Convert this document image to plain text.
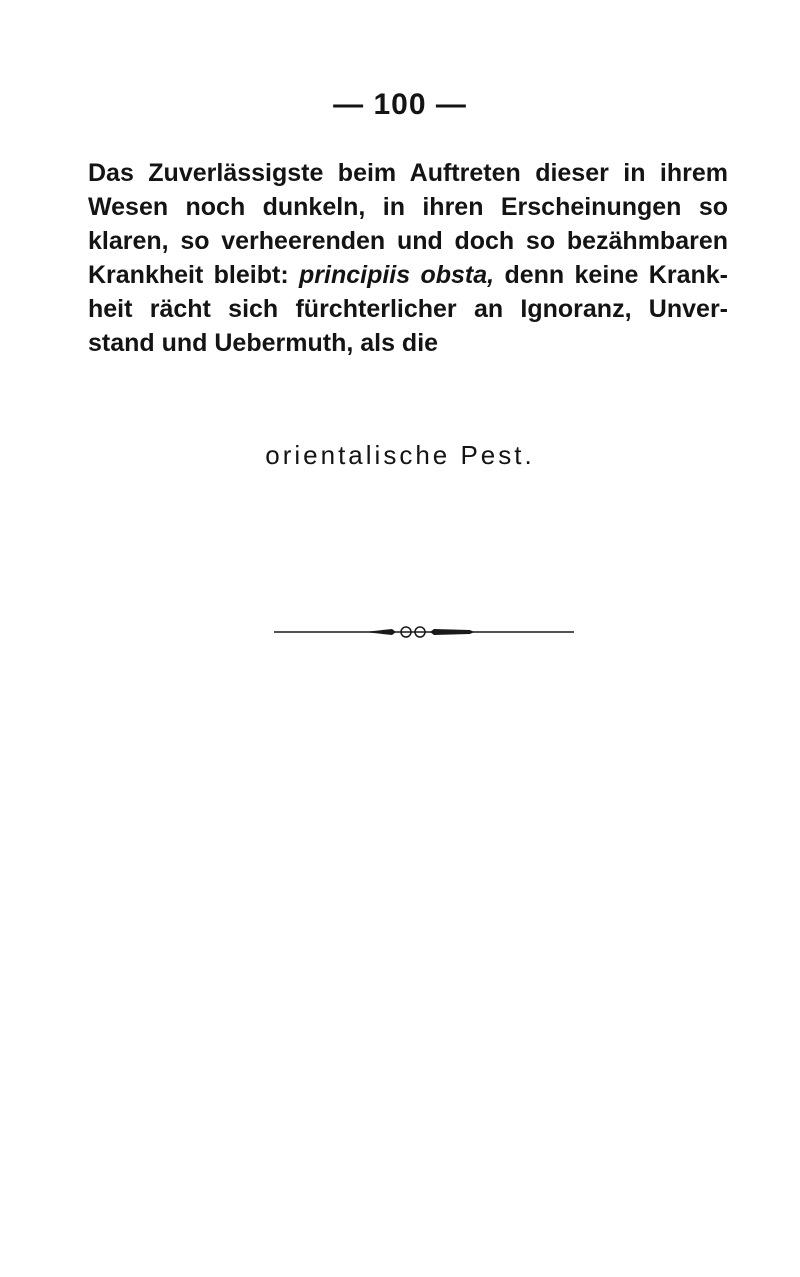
— 100 —
Das Zuverlässigste beim Auftreten dieser in ihrem
Wesen noch dunkeln, in ihren Erscheinungen so
klaren, so verheerenden und doch so bezähmbaren
Krankheit bleibt: principiis obsta, denn keine Krank-
heit rächt sich fürchterlicher an Ignoranz, Unver-
stand und Uebermuth, als die
orientalische Pest.
